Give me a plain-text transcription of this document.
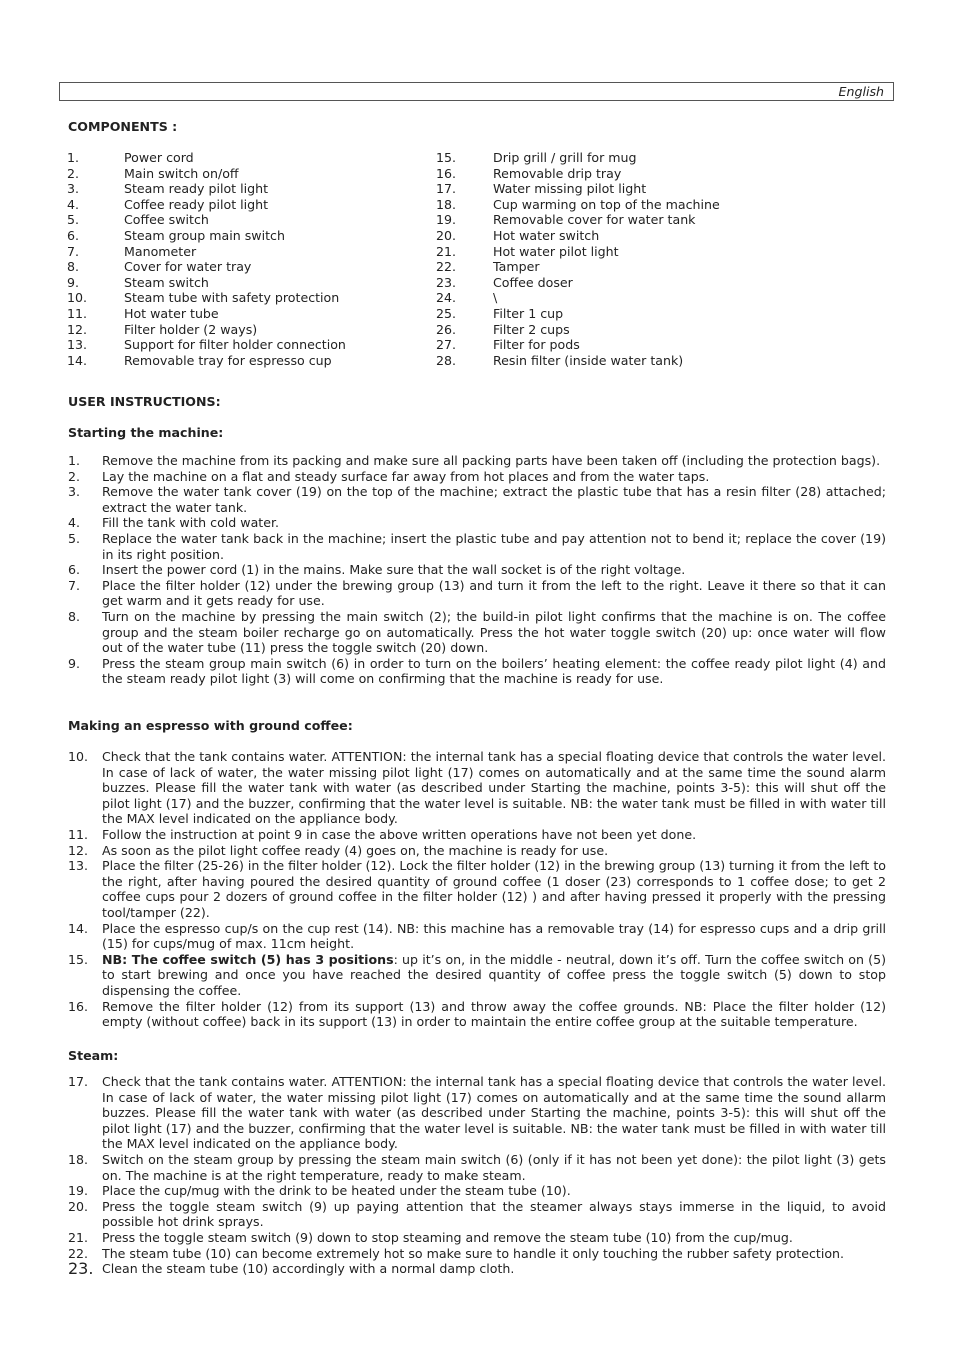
English
COMPONENTS :
1.	Power cord
2.	Main switch on/off
3.	Steam ready pilot light
4.	Coffee ready pilot light
5.	Coffee switch
6.	Steam group main switch
7.	Manometer
8.	Cover for water tray
9.	Steam switch
10.	Steam tube with safety protection
11.	Hot water tube
12.	Filter holder (2 ways)
13.	Support for filter holder connection
14.	Removable tray for espresso cup
15.	Drip grill / grill for mug
16.	Removable drip tray
17.	Water missing pilot light
18.	Cup warming on top of the machine
19.	Removable cover for water tank
20.	Hot water switch
21.	Hot water pilot light
22.	Tamper
23.	Coffee doser
24.	\
25.	Filter 1 cup
26.	Filter 2 cups
27.	Filter for pods
28.	Resin filter (inside water tank)
USER INSTRUCTIONS:
Starting the machine:
1.	Remove the machine from its packing and make sure all packing parts have been taken off (including the protection bags).
2.	Lay the machine on a flat and steady surface far away from hot places and from the water taps.
3.	Remove the water tank cover (19) on the top of the machine; extract the plastic tube that has a resin filter (28) attached; extract the water tank.
4.	Fill the tank with cold water.
5.	Replace the water tank back in the machine; insert the plastic tube and pay attention not to bend it; replace the cover (19) in its right position.
6.	Insert the power cord (1) in the mains. Make sure that the wall socket is of the right voltage.
7.	Place the filter holder (12) under the brewing group (13) and turn it from the left to the right. Leave it there so that it can get warm and it gets ready for use.
8.	Turn on the machine by pressing the main switch (2); the build-in pilot light confirms that the machine is on. The coffee group and the steam boiler recharge go on automatically. Press the hot water toggle switch (20) up: once water will flow out of the water tube (11) press the toggle switch (20) down.
9.	Press the steam group main switch (6) in order to turn on the boilers’ heating element: the coffee ready pilot light (4) and the steam ready pilot light (3) will come on confirming that the machine is ready for use.
Making an espresso with ground coffee:
10.	Check that the tank contains water. ATTENTION: the internal tank has a special floating device that controls the water level. In case of lack of water, the water missing pilot light (17) comes on automatically and at the same time the sound alarm buzzes. Please fill the water tank with water (as described under Starting the machine, points 3-5): this will shut off the pilot light (17) and the buzzer, confirming that the water level is suitable. NB: the water tank must be filled in with water till the MAX level indicated on the appliance body.
11.	Follow the instruction at point 9 in case the above written operations have not been yet done.
12.	As soon as the pilot light coffee ready (4) goes on, the machine is ready for use.
13.	Place the filter (25-26) in the filter holder (12). Lock the filter holder (12) in the brewing group (13) turning it from the left to the right, after having poured the desired quantity of ground coffee (1 doser (23) corresponds to 1 coffee dose; to get 2 coffee cups pour 2 dozers of ground coffee in the filter holder (12) ) and after having pressed it properly with the pressing tool/tamper (22).
14.	Place the espresso cup/s on the cup rest (14). NB: this machine has a removable tray (14) for espresso cups and a drip grill (15) for cups/mug of max. 11cm height.
15.	NB: The coffee switch (5) has 3 positions: up it’s on, in the middle - neutral, down it’s off. Turn the coffee switch on (5) to start brewing and once you have reached the desired quantity of coffee press the toggle switch (5) down to stop dispensing the coffee.
16.	Remove the filter holder (12) from its support (13) and throw away the coffee grounds. NB: Place the filter holder (12) empty (without coffee) back in its support (13) in order to maintain the entire coffee group at the suitable temperature.
Steam:
17.	Check that the tank contains water. ATTENTION: the internal tank has a special floating device that controls the water level. In case of lack of water, the water missing pilot light (17) comes on automatically and at the same time the sound allarm buzzes. Please fill the water tank with water (as described under Starting the machine, points 3-5): this will shut off the pilot light (17) and the buzzer, confirming that the water level is suitable. NB: the water tank must be filled in with water till the MAX level indicated on the appliance body.
18.	Switch on the steam group by pressing the steam main switch (6) (only if it has not been yet done): the pilot light (3) gets on. The machine is at the right temperature, ready to make steam.
19.	Place the cup/mug with the drink to be heated under the steam tube (10).
20.	Press the toggle steam switch (9) up paying attention that the steamer always stays immerse in the liquid, to avoid possible hot drink sprays.
21.	Press the toggle steam switch (9) down to stop steaming and remove the steam tube (10) from the cup/mug.
22.	The steam tube (10) can become extremely hot so make sure to handle it only touching the rubber safety protection.
23. Clean the steam tube (10) accordingly with a normal damp cloth.
